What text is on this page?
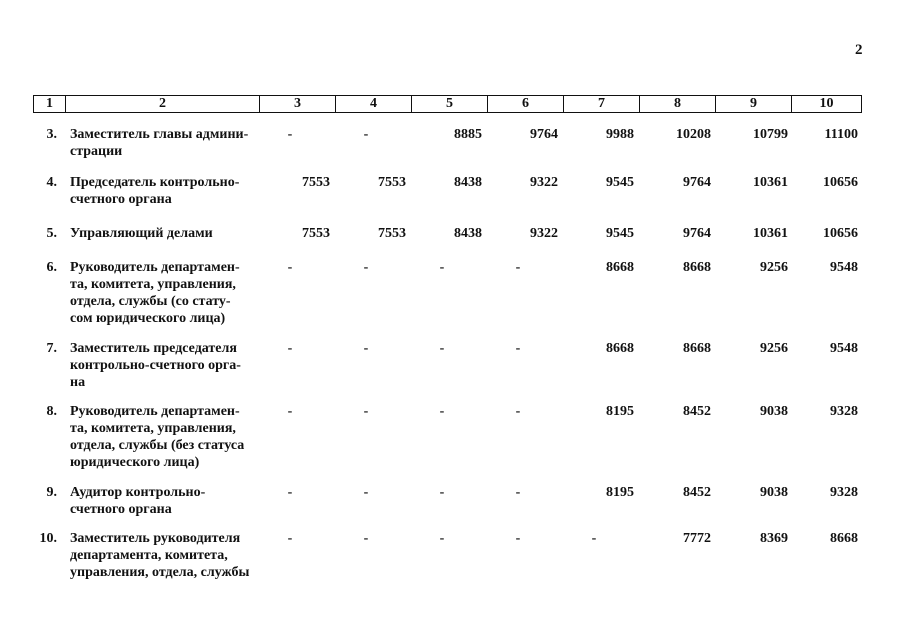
2
1	2	3	4	5	6	7	8	9	10
3. Заместитель главы админи-
страции
-	-	8885	9764	9988	10208	10799	11100
4. Председатель контрольно-
счетного органа
7553	7553	8438	9322	9545	9764	10361	10656
5. Управляющий делами	7553	7553	8438	9322	9545	9764	10361	10656
6. Руководитель департамен-
та, комитета, управления,
отдела, службы (со стату-
сом юридического лица)
-	-	-	-	8668	8668	9256	9548
7. Заместитель председателя
контрольно-счетного орга-
на
-	-	-	-	8668	8668	9256	9548
8. Руководитель департамен-
та, комитета, управления,
отдела, службы (без статуса
юридического лица)
-	-	-	-	8195	8452	9038	9328
9. Аудитор контрольно-
счетного органа
-	-	-	-	8195	8452	9038	9328
10. Заместитель руководителя
департамента, комитета,
управления, отдела, службы
-	-	-	-	-	7772	8369	8668
